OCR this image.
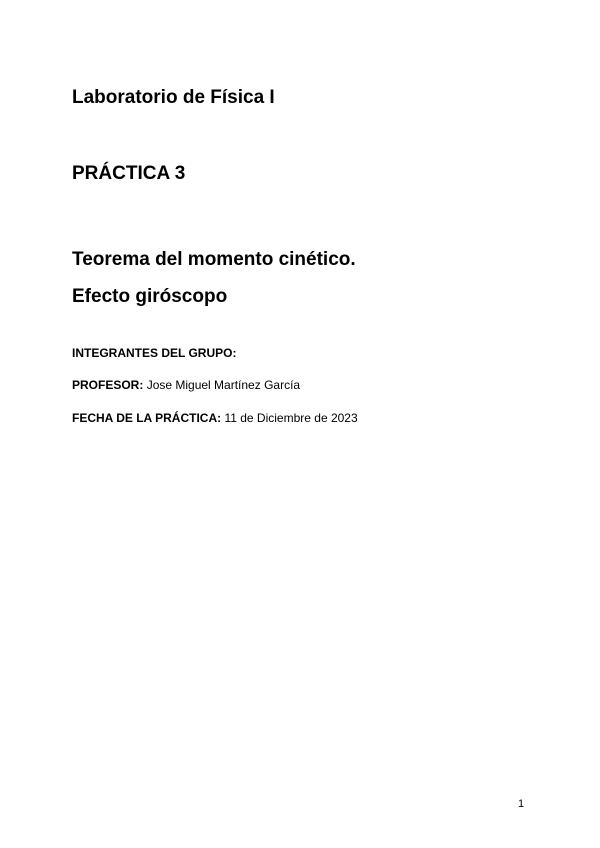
Laboratorio de Física I
PRÁCTICA 3
Teorema del momento cinético.
Efecto giróscopo
INTEGRANTES DEL GRUPO:
PROFESOR: Jose Miguel Martínez García
FECHA DE LA PRÁCTICA: 11 de Diciembre de 2023
1
